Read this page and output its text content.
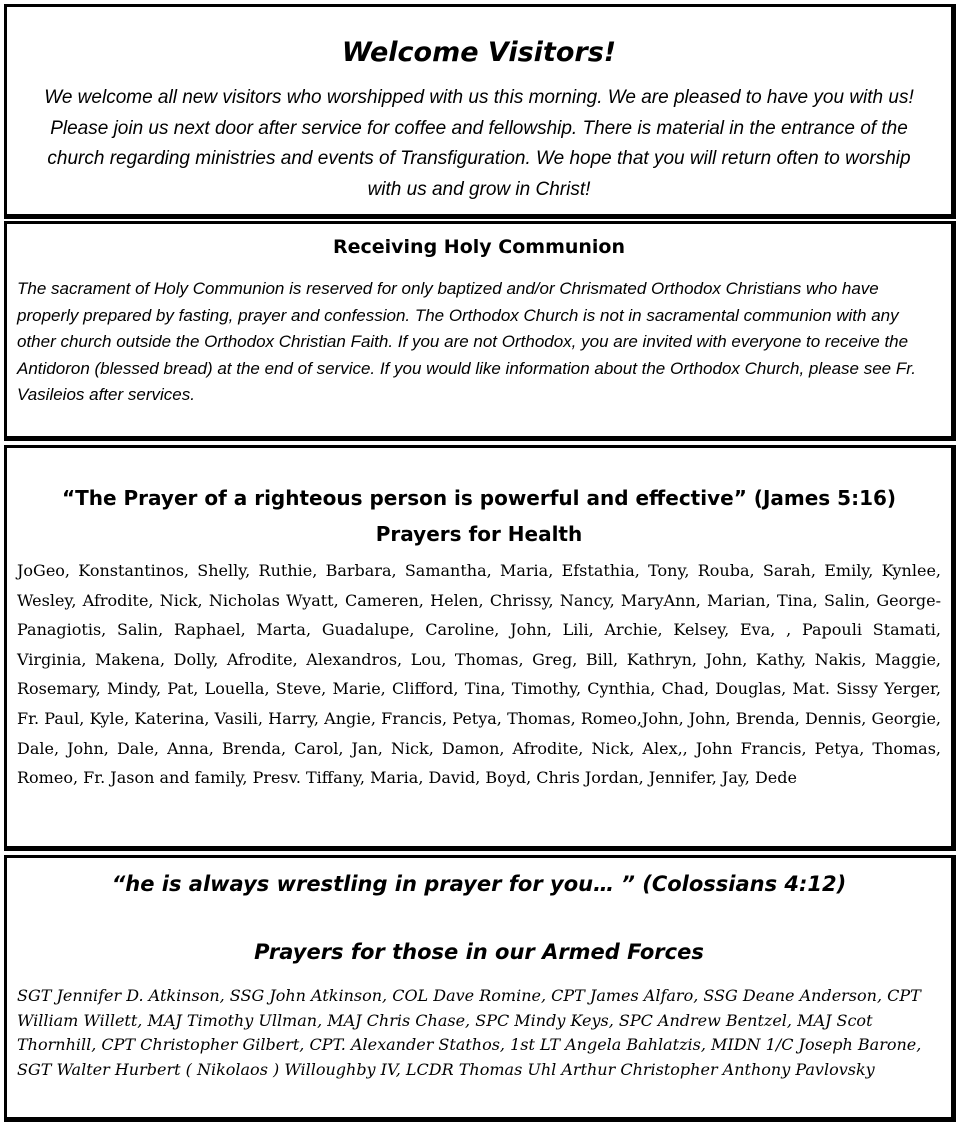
Welcome Visitors!
We welcome all new visitors who worshipped with us this morning. We are pleased to have you with us! Please join us next door after service for coffee and fellowship. There is material in the entrance of the church regarding ministries and events of Transfiguration. We hope that you will return often to worship with us and grow in Christ!
Receiving Holy Communion
The sacrament of Holy Communion is reserved for only baptized and/or Chrismated Orthodox Christians who have properly prepared by fasting, prayer and confession. The Orthodox Church is not in sacramental communion with any other church outside the Orthodox Christian Faith. If you are not Orthodox, you are invited with everyone to receive the Antidoron (blessed bread) at the end of service. If you would like information about the Orthodox Church, please see Fr. Vasileios after services.
“The Prayer of a righteous person is powerful and effective” (James 5:16)
Prayers for Health
JoGeo, Konstantinos, Shelly, Ruthie, Barbara, Samantha, Maria, Efstathia, Tony, Rouba, Sarah, Emily, Kynlee, Wesley, Afrodite, Nick, Nicholas Wyatt, Cameren, Helen, Chrissy, Nancy, MaryAnn, Marian, Tina, Salin, George-Panagiotis, Salin, Raphael, Marta, Guadalupe, Caroline, John, Lili, Archie, Kelsey, Eva, , Papouli Stamati, Virginia, Makena, Dolly, Afrodite, Alexandros, Lou, Thomas, Greg, Bill, Kathryn, John, Kathy, Nakis, Maggie, Rosemary, Mindy, Pat, Louella, Steve, Marie, Clifford, Tina, Timothy, Cynthia, Chad, Douglas, Mat. Sissy Yerger, Fr. Paul, Kyle, Katerina, Vasili, Harry, Angie, Francis, Petya, Thomas, Romeo,John, John, Brenda, Dennis, Georgie, Dale, John, Dale, Anna, Brenda, Carol, Jan, Nick, Damon, Afrodite, Nick, Alex,, John Francis, Petya, Thomas, Romeo, Fr. Jason and family, Presv. Tiffany, Maria, David, Boyd, Chris Jordan, Jennifer, Jay, Dede
“he is always wrestling in prayer for you… ” (Colossians 4:12)
Prayers for those in our Armed Forces
SGT Jennifer D. Atkinson, SSG John Atkinson, COL Dave Romine, CPT James Alfaro, SSG Deane Anderson, CPT William Willett, MAJ Timothy Ullman, MAJ Chris Chase, SPC Mindy Keys, SPC Andrew Bentzel, MAJ Scot Thornhill, CPT Christopher Gilbert, CPT. Alexander Stathos, 1st LT Angela Bahlatzis, MIDN 1/C Joseph Barone, SGT Walter Hurbert ( Nikolaos ) Willoughby IV, LCDR Thomas Uhl Arthur Christopher Anthony Pavlovsky
